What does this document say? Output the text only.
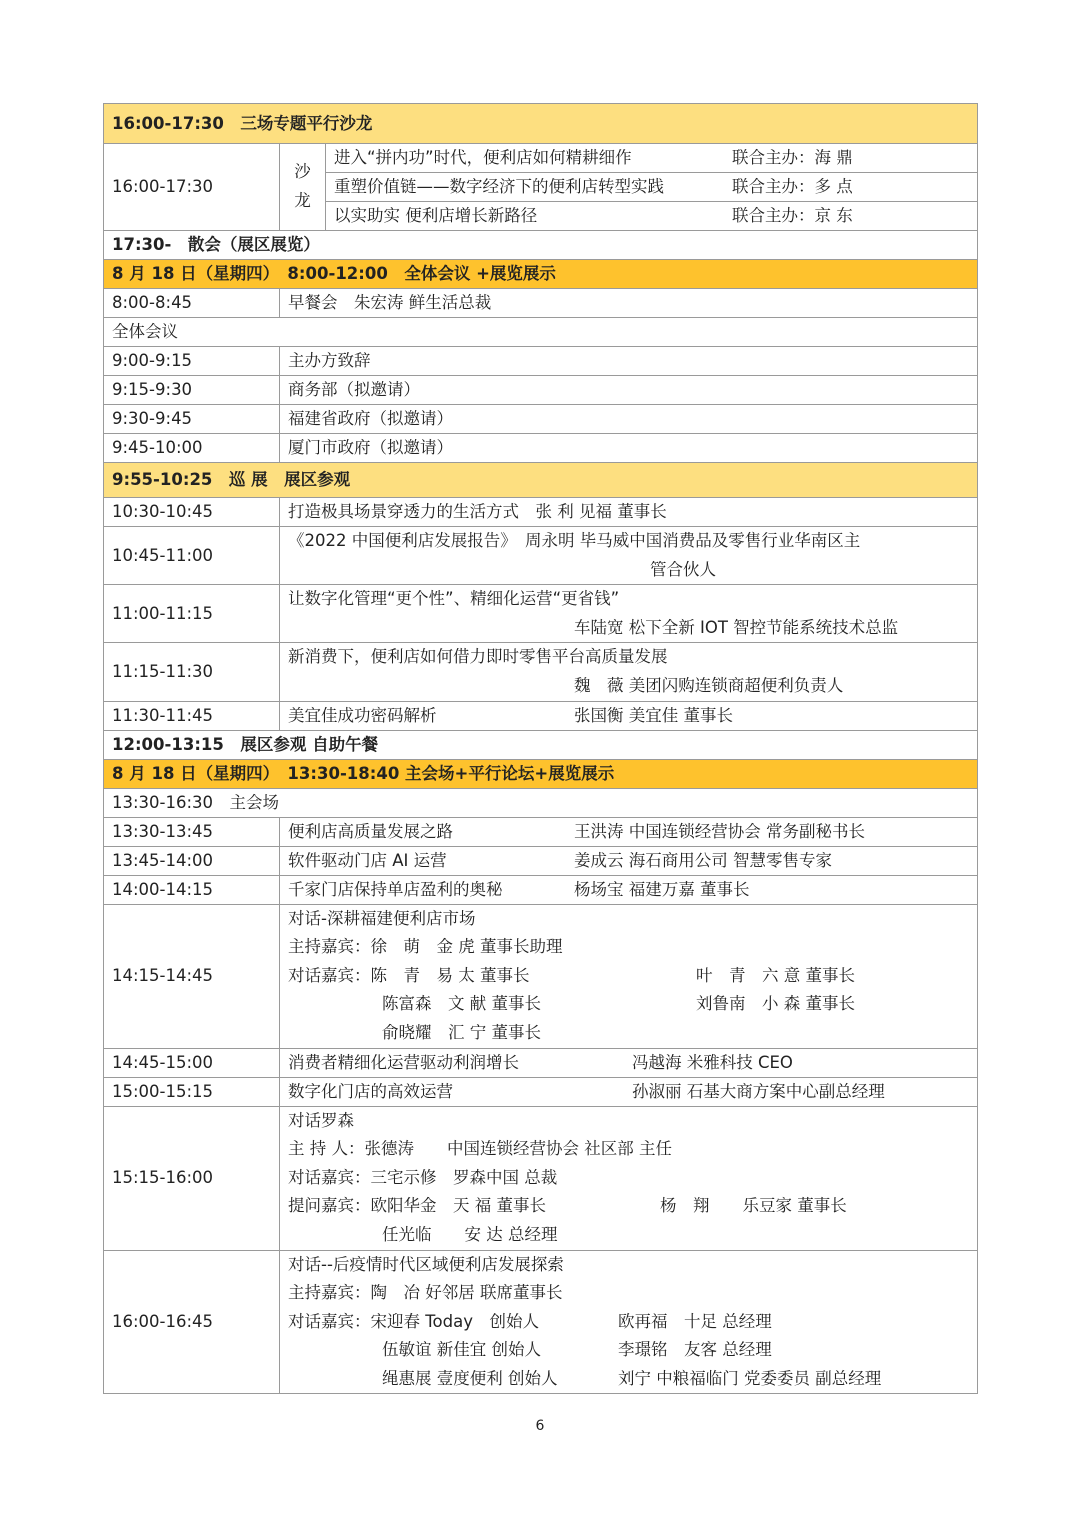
16:00-17:30　三场专题平行沙龙		
16:00-17:30	沙
龙	进入“拼内功”时代，便利店如何精耕细作 联合主办：海 鼎
		重塑价值链——数字经济下的便利店转型实践 联合主办：多 点
		以实助实 便利店增长新路径 联合主办：京 东
17:30-　散会（展区展览）		
8 月 18 日（星期四）　8:00-12:00　全体会议 +展览展示		
8:00-8:45	早餐会　朱宏涛 鲜生活总裁	
全体会议		
9:00-9:15	主办方致辞	
9:15-9:30	商务部（拟邀请）	
9:30-9:45	福建省政府（拟邀请）	
9:45-10:00	厦门市政府（拟邀请）	
9:55-10:25　巡 展　展区参观		
10:30-10:45	打造极具场景穿透力的生活方式　张 利 见福 董事长	
10:45-11:00	《2022 中国便利店发展报告》　周永明 毕马威中国消费品及零售行业华南区主
管合伙人	

11:00-11:15	让数字化管理“更个性”、精细化运营“更省钱”
车陆宽 松下全新 IOT 智控节能系统技术总监	

11:15-11:30	新消费下，便利店如何借力即时零售平台高质量发展
魏　薇 美团闪购连锁商超便利负责人	

11:30-11:45	美宜佳成功密码解析 张国衡 美宜佳 董事长	
12:00-13:15　展区参观 自助午餐		
8 月 18 日（星期四）　13:30-18:40 主会场+平行论坛+展览展示		
13:30-16:30　主会场		
13:30-13:45	便利店高质量发展之路 王洪涛 中国连锁经营协会 常务副秘书长	
13:45-14:00	软件驱动门店 AI 运营 姜成云 海石商用公司 智慧零售专家	
14:00-14:15	千家门店保持单店盈利的奥秘 杨场宝 福建万嘉 董事长	
14:15-14:45	对话-深耕福建便利店市场
主持嘉宾：徐　萌　金 虎 董事长助理
对话嘉宾：陈　青　易 太 董事长 叶　青　六 意 董事长
陈富森　文 献 董事长 刘鲁南　小 森 董事长
俞晓耀　汇 宁 董事长	

14:45-15:00	消费者精细化运营驱动利润增长 冯越海 米雅科技 CEO	
15:00-15:15	数字化门店的高效运营 孙淑丽 石基大商方案中心副总经理	
15:15-16:00	对话罗森
主 持 人：张德涛　　中国连锁经营协会 社区部 主任
对话嘉宾：三宅示修　罗森中国 总裁
提问嘉宾：欧阳华金　天 福 董事长 杨　翔　　乐豆家 董事长
任光临　　安 达 总经理	

16:00-16:45	对话--后疫情时代区域便利店发展探索
主持嘉宾：陶　冶 好邻居 联席董事长
对话嘉宾：宋迎春 Today　创始人 欧再福　十足 总经理
伍敏谊 新佳宜 创始人 李璟铭　友客 总经理
绳惠展 壹度便利 创始人 刘宁 中粮福临门 党委委员 副总经理	
6
